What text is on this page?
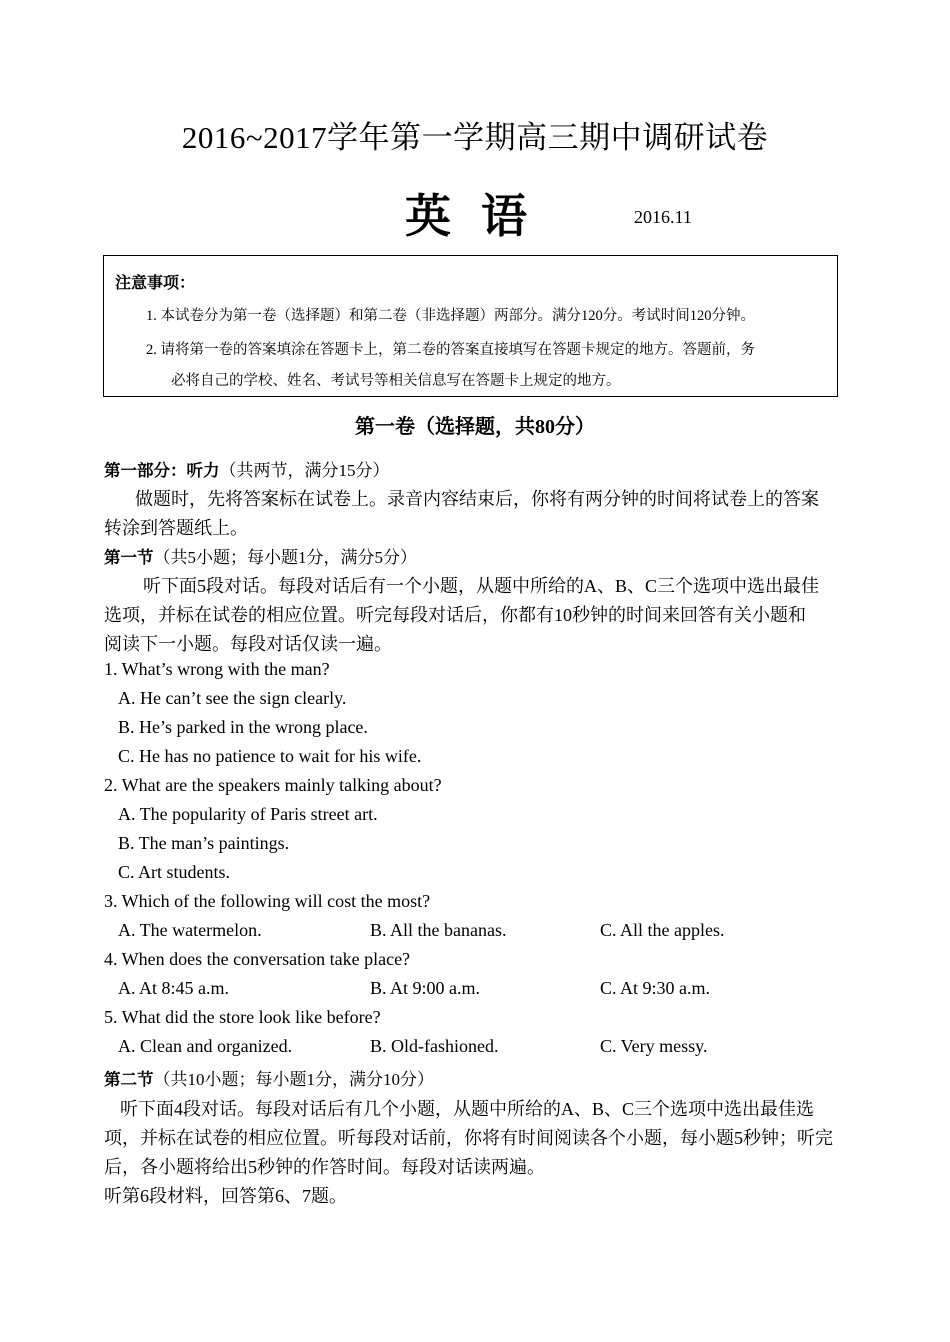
2016~2017学年第一学期高三期中调研试卷
英语	2016.11
注意事项：
1. 本试卷分为第一卷（选择题）和第二卷（非选择题）两部分。满分120分。考试时间120分钟。
2. 请将第一卷的答案填涂在答题卡上，第二卷的答案直接填写在答题卡规定的地方。答题前，务
必将自己的学校、姓名、考试号等相关信息写在答题卡上规定的地方。
第一卷（选择题，共80分）
第一部分：听力（共两节，满分15分）
做题时，先将答案标在试卷上。录音内容结束后，你将有两分钟的时间将试卷上的答案
转涂到答题纸上。
第一节（共5小题；每小题1分，满分5分）
听下面5段对话。每段对话后有一个小题，从题中所给的A、B、C三个选项中选出最佳
选项，并标在试卷的相应位置。听完每段对话后，你都有10秒钟的时间来回答有关小题和
阅读下一小题。每段对话仅读一遍。
1. What’s wrong with the man?
A. He can’t see the sign clearly.
B. He’s parked in the wrong place.
C. He has no patience to wait for his wife.
2. What are the speakers mainly talking about?
A. The popularity of Paris street art.
B. The man’s paintings.
C. Art students.
3. Which of the following will cost the most?
A. The watermelon.	B. All the bananas.	C. All the apples.
4. When does the conversation take place?
A. At 8:45 a.m.	B. At 9:00 a.m.	C. At 9:30 a.m.
5. What did the store look like before?
A. Clean and organized.	B. Old-fashioned.	C. Very messy.
第二节（共10小题；每小题1分，满分10分）
听下面4段对话。每段对话后有几个小题，从题中所给的A、B、C三个选项中选出最佳选
项，并标在试卷的相应位置。听每段对话前，你将有时间阅读各个小题，每小题5秒钟；听完
后，各小题将给出5秒钟的作答时间。每段对话读两遍。
听第6段材料，回答第6、7题。
